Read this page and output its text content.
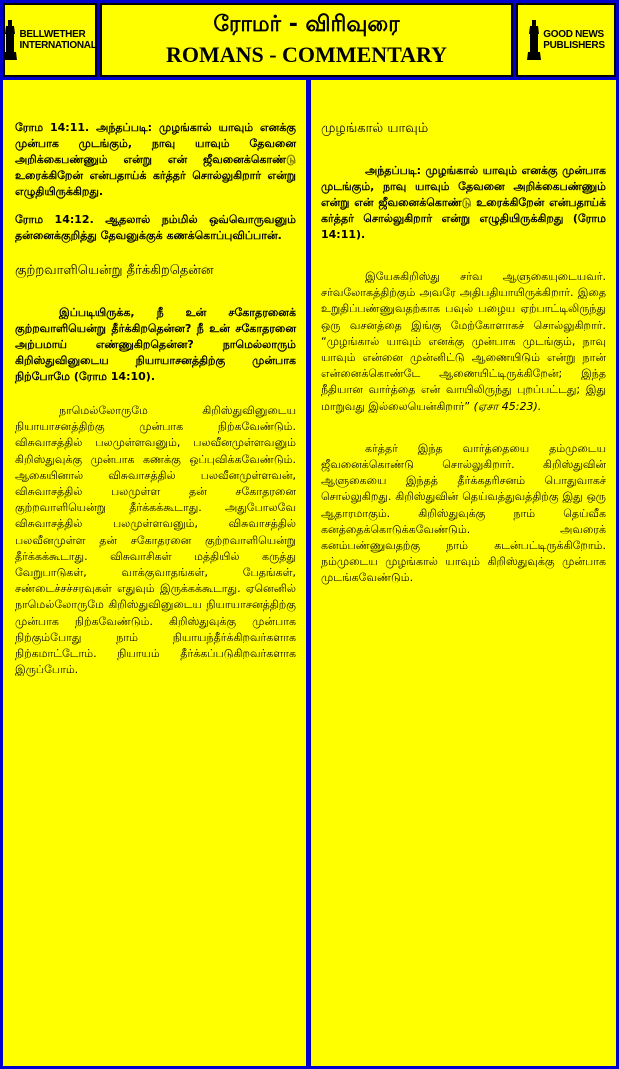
BELLWETHER
INTERNATIONAL
ரோமர் - விரிவுரை
ROMANS - COMMENTARY
GOOD NEWS
PUBLISHERS

ரோம 14:11. அந்தப்படி: முழங்கால் யாவும் எனக்கு முன்பாக முடங்கும், நாவு யாவும் தேவனை அறிக்கைபண்ணும் என்று என் ஜீவனைக்கொண்டு உரைக்கிறேன் என்பதாய்க் கர்த்தர் சொல்லுகிறார் என்று எழுதியிருக்கிறது.

ரோம 14:12. ஆதலால் நம்மில் ஒவ்வொருவனும் தன்னைக்குறித்து தேவனுக்குக் கணக்கொப்புவிப்பான்.

குற்றவாளியென்று தீர்க்கிறதென்ன

இப்படியிருக்க, நீ உன் சகோதரனைக் குற்றவாளியென்று தீர்க்கிறதென்ன? நீ உன் சகோதரனை அற்பமாய் எண்ணுகிறதென்ன? நாமெல்லாரும் கிறிஸ்துவினுடைய நியாயாசனத்திற்கு முன்பாக நிற்போமே (ரோம 14:10).

நாமெல்லோருமே கிறிஸ்துவினுடைய நியாயாசனத்திற்கு முன்பாக நிற்கவேண்டும். விசுவாசத்தில் பலமுள்ளவனும், பலவீனமுள்ளவனும் கிறிஸ்துவுக்கு முன்பாக கணக்கு ஒப்புவிக்கவேண்டும். ஆகையினால் விசுவாசத்தில் பலவீனமுள்ளவன், விசுவாசத்தில் பலமுள்ள தன் சகோதரனை குற்றவாளியென்று தீர்க்கக்கூடாது. அதுபோலவே விசுவாசத்தில் பலமுள்ளவனும், விசுவாசத்தில் பலவீனமுள்ள தன் சகோதரனை குற்றவாளியென்று தீர்க்கக்கூடாது. விசுவாசிகள் மத்தியில் கருத்து வேறுபாடுகள், வாக்குவாதங்கள், பேதங்கள், சண்டைச்சச்சரவுகள் எதுவும் இருக்கக்கூடாது. ஏனெனில் நாமெல்லோருமே கிறிஸ்துவினுடைய நியாயாசனத்திற்கு முன்பாக நிற்கவேண்டும். கிறிஸ்துவுக்கு முன்பாக நிற்கும்போது நாம் நியாயந்தீர்க்கிறவர்களாக நிற்கமாட்டோம். நியாயம் தீர்க்கப்படுகிறவர்களாக இருப்போம்.

முழங்கால் யாவும்

அந்தப்படி: முழங்கால் யாவும் எனக்கு முன்பாக முடங்கும், நாவு யாவும் தேவனை அறிக்கைபண்ணும் என்று என் ஜீவனைக்கொண்டு உரைக்கிறேன் என்பதாய்க் கர்த்தர் சொல்லுகிறார் என்று எழுதியிருக்கிறது (ரோம 14:11).

இயேசுகிறிஸ்து சர்வ ஆளுகையுடையவர். சர்வலோகத்திற்கும் அவரே அதிபதியாயிருக்கிறார். இதை உறுதிப்பண்ணுவதற்காக பவுல் பழைய ஏற்பாட்டிலிருந்து ஒரு வசனத்தை இங்கு மேற்கோளாகச் சொல்லுகிறார். “முழங்கால் யாவும் எனக்கு முன்பாக முடங்கும், நாவு யாவும் என்னை முன்னிட்டு ஆணையிடும் என்று நான் என்னைக்கொண்டே ஆணையிட்டிருக்கிறேன்; இந்த நீதியான வார்த்தை என் வாயிலிருந்து புறப்பட்டது; இது மாறுவது இல்லையென்கிறார்” (ஏசா 45:23).

கர்த்தர் இந்த வார்த்தையை தம்முடைய ஜீவனைக்கொண்டு சொல்லுகிறார். கிறிஸ்துவின் ஆளுகையை இந்தத் தீர்க்கதரிசனம் பொதுவாகச் சொல்லுகிறது. கிறிஸ்துவின் தெய்வத்துவத்திற்கு இது ஒரு ஆதாரமாகும். கிறிஸ்துவுக்கு நாம் தெய்வீக கனத்தைக்கொடுக்கவேண்டும். அவரைக் கனம்பண்ணுவதற்கு நாம் கடன்பட்டிருக்கிறோம். நம்முடைய முழங்கால் யாவும் கிறிஸ்துவுக்கு முன்பாக முடங்கவேண்டும்.
